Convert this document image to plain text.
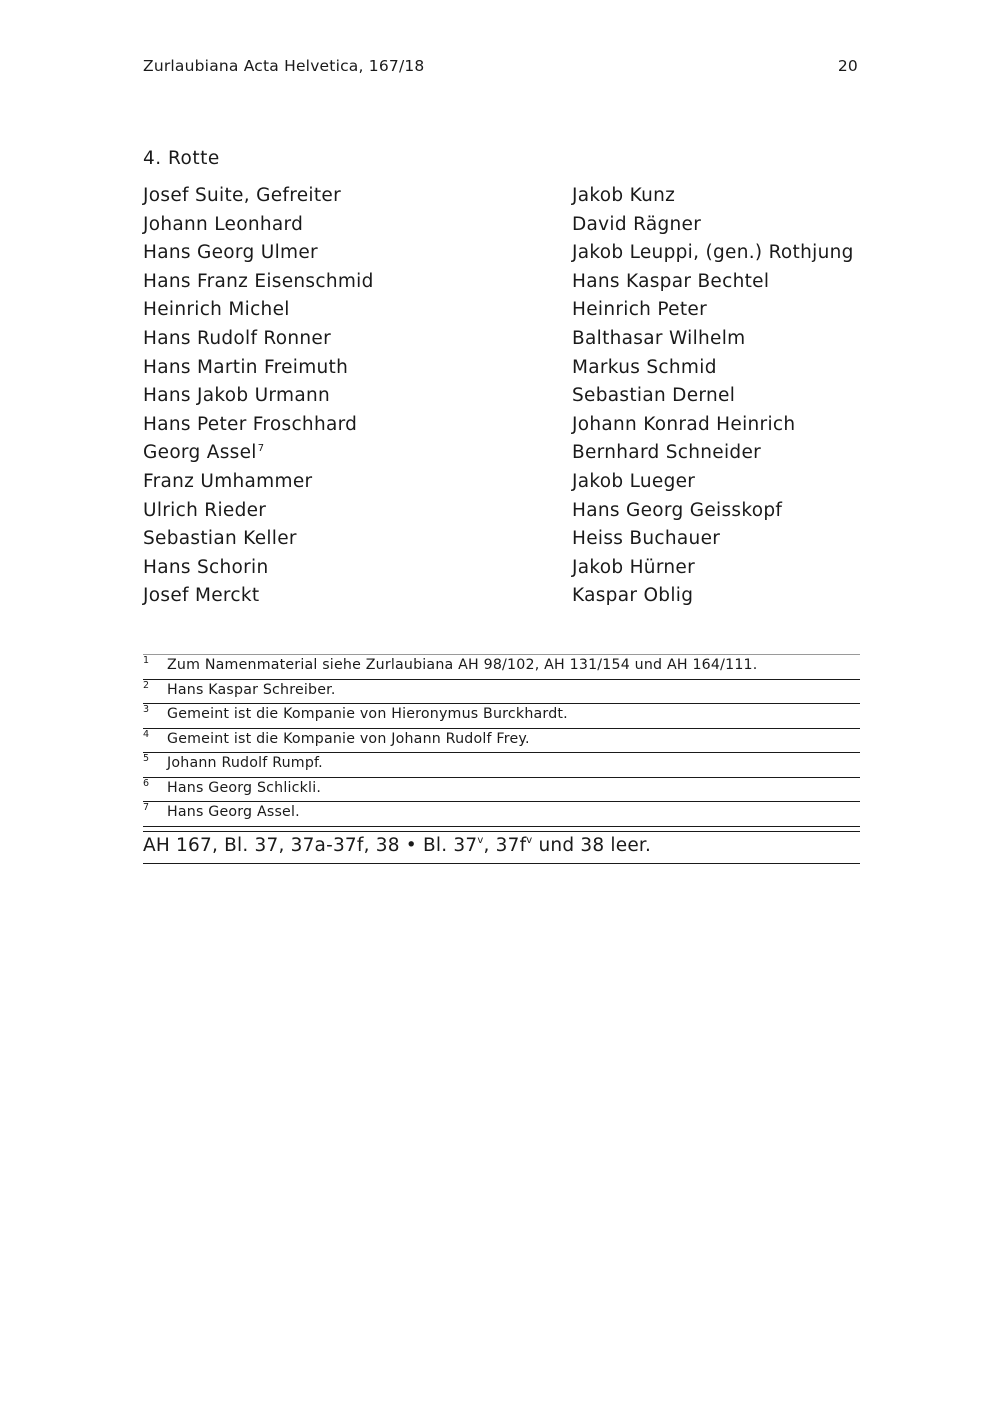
Zurlaubiana Acta Helvetica, 167/18	20
4. Rotte
Josef Suite, Gefreiter
Johann Leonhard
Hans Georg Ulmer
Hans Franz Eisenschmid
Heinrich Michel
Hans Rudolf Ronner
Hans Martin Freimuth
Hans Jakob Urmann
Hans Peter Froschhard
Georg Assel$^7$
Franz Umhammer
Ulrich Rieder
Sebastian Keller
Hans Schorin
Josef Merckt
Jakob Kunz
David Rägner
Jakob Leuppi, (gen.) Rothjung
Hans Kaspar Bechtel
Heinrich Peter
Balthasar Wilhelm
Markus Schmid
Sebastian Dernel
Johann Konrad Heinrich
Bernhard Schneider
Jakob Lueger
Hans Georg Geisskopf
Heiss Buchauer
Jakob Hürner
Kaspar Oblig
1 Zum Namenmaterial siehe Zurlaubiana AH 98/102, AH 131/154 und AH 164/111.
2 Hans Kaspar Schreiber.
3 Gemeint ist die Kompanie von Hieronymus Burckhardt.
4 Gemeint ist die Kompanie von Johann Rudolf Frey.
5 Johann Rudolf Rumpf.
6 Hans Georg Schlickli.
7 Hans Georg Assel.
AH 167, Bl. 37, 37a-37f, 38 • Bl. 37$^v$, $37f^v$ und 38 leer.
